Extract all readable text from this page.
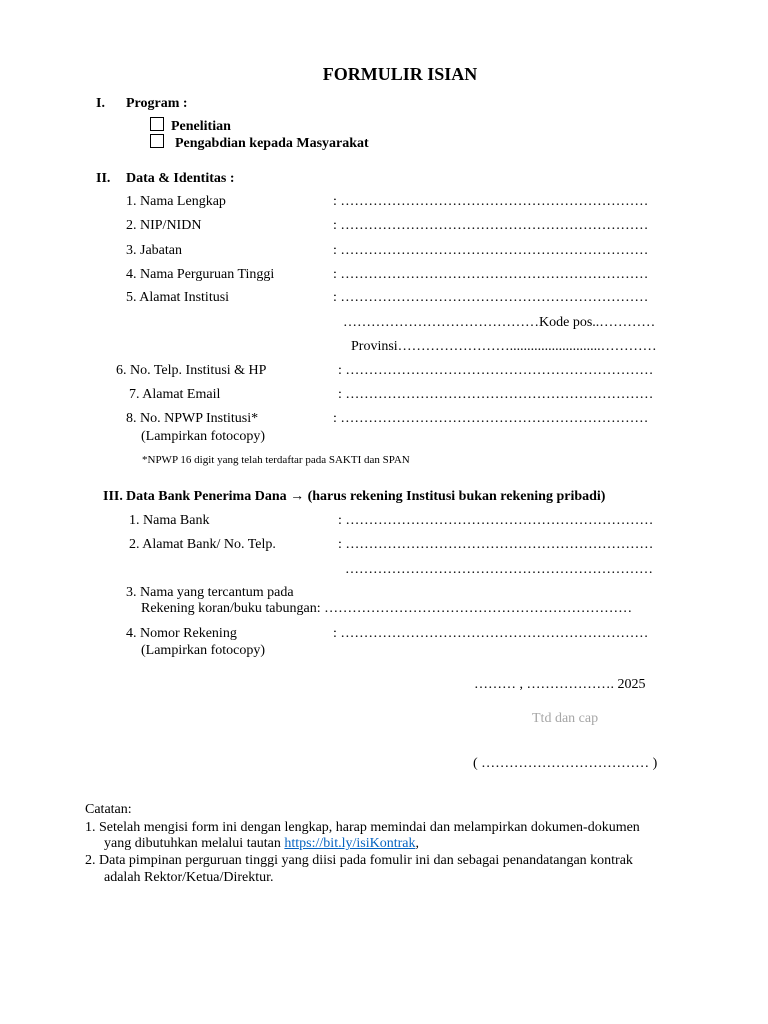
FORMULIR ISIAN
I. Program :
Penelitian
Pengabdian kepada Masyarakat
II. Data & Identitas :
1. Nama Lengkap	: …………………………………………………………
2. NIP/NIDN	: …………………………………………………………
3. Jabatan	: …………………………………………………………
4. Nama Perguruan Tinggi	: …………………………………………………………
5. Alamat Institusi	: …………………………………………………………
……………………………………Kode pos..…………
Provinsi……………………..........................…………
6. No. Telp. Institusi & HP	: …………………………………………………………
7. Alamat Email	: …………………………………………………………
8. No. NPWP Institusi*	: …………………………………………………………
(Lampirkan fotocopy)
*NPWP 16 digit yang telah terdaftar pada SAKTI dan SPAN
III. Data Bank Penerima Dana → (harus rekening Institusi bukan rekening pribadi)
1. Nama Bank	: …………………………………………………………
2. Alamat Bank/ No. Telp.	: …………………………………………………………
…………………………………………………………
3. Nama yang tercantum pada
Rekening koran/buku tabungan: …………………………………………………………
4. Nomor Rekening	: …………………………………………………………
(Lampirkan fotocopy)
……… , ………………. 2025
Ttd dan cap
( ……………………………… )
Catatan:
1. Setelah mengisi form ini dengan lengkap, harap memindai dan melampirkan dokumen-dokumen
yang dibutuhkan melalui tautan https://bit.ly/isiKontrak,
2. Data pimpinan perguruan tinggi yang diisi pada fomulir ini dan sebagai penandatangan kontrak
adalah Rektor/Ketua/Direktur.
